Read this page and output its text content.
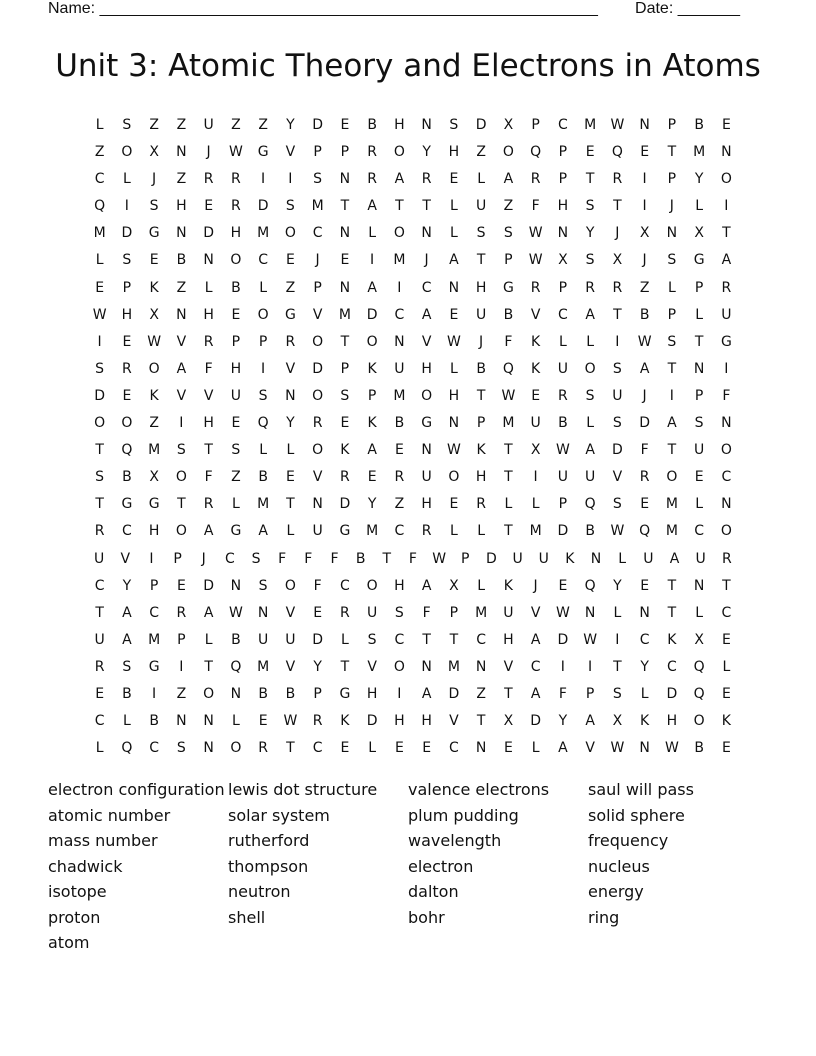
Name: ________________________________________________________ Date: _______
Unit 3: Atomic Theory and Electrons in Atoms
L	S	Z	Z	U	Z	Z	Y	D	E	B	H	N	S	D	X	P	C	M	W	N	P	B	E
Z	O	X	N	J	W	G	V	P	P	R	O	Y	H	Z	O	Q	P	E	Q	E	T	M	N
C	L	J	Z	R	R	I	I	S	N	R	A	R	E	L	A	R	P	T	R	I	P	Y	O
Q	I	S	H	E	R	D	S	M	T	A	T	T	L	U	Z	F	H	S	T	I	J	L	I
M	D	G	N	D	H	M	O	C	N	L	O	N	L	S	S	W	N	Y	J	X	N	X	T
L	S	E	B	N	O	C	E	J	E	I	M	J	A	T	P	W	X	S	X	J	S	G	A
E	P	K	Z	L	B	L	Z	P	N	A	I	C	N	H	G	R	P	R	R	Z	L	P	R
W	H	X	N	H	E	O	G	V	M	D	C	A	E	U	B	V	C	A	T	B	P	L	U
I	E	W	V	R	P	P	R	O	T	O	N	V	W	J	F	K	L	L	I	W	S	T	G
S	R	O	A	F	H	I	V	D	P	K	U	H	L	B	Q	K	U	O	S	A	T	N	I
D	E	K	V	V	U	S	N	O	S	P	M	O	H	T	W	E	R	S	U	J	I	P	F
O	O	Z	I	H	E	Q	Y	R	E	K	B	G	N	P	M	U	B	L	S	D	A	S	N
T	Q	M	S	T	S	L	L	O	K	A	E	N	W	K	T	X	W	A	D	F	T	U	O
S	B	X	O	F	Z	B	E	V	R	E	R	U	O	H	T	I	U	U	V	R	O	E	C
T	G	G	T	R	L	M	T	N	D	Y	Z	H	E	R	L	L	P	Q	S	E	M	L	N
R	C	H	O	A	G	A	L	U	G	M	C	R	L	L	T	M	D	B	W	Q	M	C	O
U	V	I	P	J	C	S	F	F	F	B	T	F	W	P	D	U	U	K	N	L	U	A	U	R
C	Y	P	E	D	N	S	O	F	C	O	H	A	X	L	K	J	E	Q	Y	E	T	N	T
T	A	C	R	A	W	N	V	E	R	U	S	F	P	M	U	V	W	N	L	N	T	L	C
U	A	M	P	L	B	U	U	D	L	S	C	T	T	C	H	A	D	W	I	C	K	X	E
R	S	G	I	T	Q	M	V	Y	T	V	O	N	M	N	V	C	I	I	T	Y	C	Q	L
E	B	I	Z	O	N	B	B	P	G	H	I	A	D	Z	T	A	F	P	S	L	D	Q	E
C	L	B	N	N	L	E	W	R	K	D	H	H	V	T	X	D	Y	A	X	K	H	O	K
L	Q	C	S	N	O	R	T	C	E	L	E	E	C	N	E	L	A	V	W	N	W	B	E
electron configuration
atomic number
mass number
chadwick
isotope
proton
atom
lewis dot structure
solar system
rutherford
thompson
neutron
shell
valence electrons
plum pudding
wavelength
electron
dalton
bohr
saul will pass
solid sphere
frequency
nucleus
energy
ring
